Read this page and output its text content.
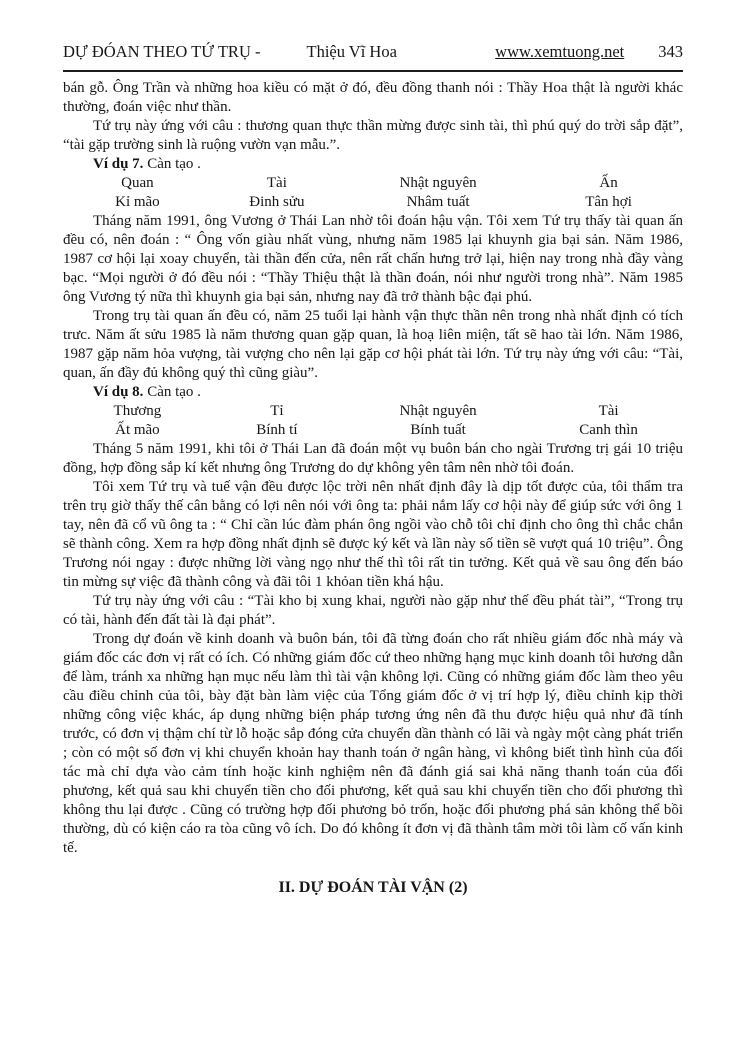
DỰ ĐÓAN THEO TỨ TRỤ -	Thiệu Vĩ Hoa	www.xemtuong.net 343

bán gỗ. Ông Trần và những hoa kiều có mặt ở đó, đều đồng thanh nói : Thầy Hoa thật là người khác thường, đoán việc như thần.

Tứ trụ này ứng với câu : thương quan thực thần mừng được sinh tài, thì phú quý do trời sắp đặt”, “tài gặp trường sinh là ruộng vườn vạn mẫu.”.

Ví dụ 7. Càn tạo .

Quan	Tài	Nhật nguyên	Ấn
Kỉ mão	Đinh sửu	Nhâm tuất	Tân hợi

Tháng năm 1991, ông Vương ở Thái Lan nhờ tôi đoán hậu vận. Tôi xem Tứ trụ thấy tài quan ấn đều có, nên đoán : “ Ông vốn giàu nhất vùng, nhưng năm 1985 lại khuynh gia bại sản. Năm 1986, 1987 cơ hội lại xoay chuyển, tài thần đến cửa, nên rất chấn hưng trở lại, hiện nay trong nhà đầy vàng bạc. “Mọi người ở đó đều nói : “Thầy Thiệu thật là thần đoán, nói như người trong nhà”. Năm 1985 ông Vương tý nữa thì khuynh gia bại sản, nhưng nay đã trở thành bậc đại phú.

Trong trụ tài quan ấn đều có, năm 25 tuổi lại hành vận thực thần nên trong nhà nhất định có tích trưc. Năm ất sửu 1985 là năm thương quan gặp quan, là hoạ liên miện, tất sẽ hao tài lớn. Năm 1986, 1987 gặp năm hỏa vượng, tài vượng cho nên lại gặp cơ hội phát tài lớn. Tứ trụ này ứng với câu: “Tài, quan, ấn đầy đủ không quý thì cũng giàu”.

Ví dụ 8. Càn tạo .

Thương	Tỉ	Nhật nguyên	Tài
Ất mão	Bính tí	Bính tuất	Canh thìn

Tháng 5 năm 1991, khi tôi ở Thái Lan đã đoán một vụ buôn bán cho ngài Trương trị gái 10 triệu đồng, hợp đồng sắp kí kết nhưng ông Trương do dự không yên tâm nên nhờ tôi đoán.

Tôi xem Tứ trụ và tuế vận đều được lộc trời nên nhất định đây là dịp tốt được của, tôi thẩm tra trên trụ giờ thấy thế cân bằng có lợi nên nói với ông ta: phải nắm lấy cơ hội này để giúp sức với ông 1 tay, nên đã cổ vũ ông ta : “ Chỉ cần lúc đàm phán ông ngồi vào chỗ tôi chỉ định cho ông thì chắc chắn sẽ thành công. Xem ra hợp đồng nhất định sẽ được ký kết và lần này số tiền sẽ vượt quá 10 triệu”. Ông Trương nói ngay : được những lời vàng ngọ như thế thì tôi rất tin tưởng. Kết quả về sau ông đến báo tin mừng sự việc đã thành công và đãi tôi 1 khỏan tiền khá hậu.

Tứ trụ này ứng với câu : “Tài kho bị xung khai, người nào gặp như thế đều phát tài”, “Trong trụ có tài, hành đến đất tài là đại phát”.

Trong dự đoán về kinh doanh và buôn bán, tôi đã từng đoán cho rất nhiều giám đốc nhà máy và giám đốc các đơn vị rất có ích. Có những giám đốc cứ theo những hạng mục kinh doanh tôi hương dẫn để làm, tránh xa những hạn mục nếu làm thì tài vận không lợi. Cũng có những giám đốc làm theo yêu cầu điều chỉnh của tôi, bày đặt bàn làm việc của Tổng giám đốc ở vị trí hợp lý, điều chỉnh kịp thời những công việc khác, áp dụng những biện pháp tương ứng nên đã thu được hiệu quả như đã tính trước, có đơn vị thậm chí từ lỗ hoặc sắp đóng cửa chuyển dần thành có lãi và ngày một càng phát triển ; còn có một số đơn vị khi chuyển khoản hay thanh toán ở ngân hàng, vì không biết tình hình của đối tác mà chỉ dựa vào cảm tính hoặc kinh nghiệm nên đã đánh giá sai khả năng thanh toán của đối phương, kết quả sau khi chuyển tiền cho đối phương, kết quả sau khi chuyển tiền cho đối phương thì không thu lại được . Cũng có trường hợp đối phương bỏ trốn, hoặc đối phương phá sản không thể bồi thường, dù có kiện cáo ra tòa cũng vô ích. Do đó không ít đơn vị đã thành tâm mời tôi làm cố vấn kinh tế.

II. DỰ ĐOÁN TÀI VẬN (2)
